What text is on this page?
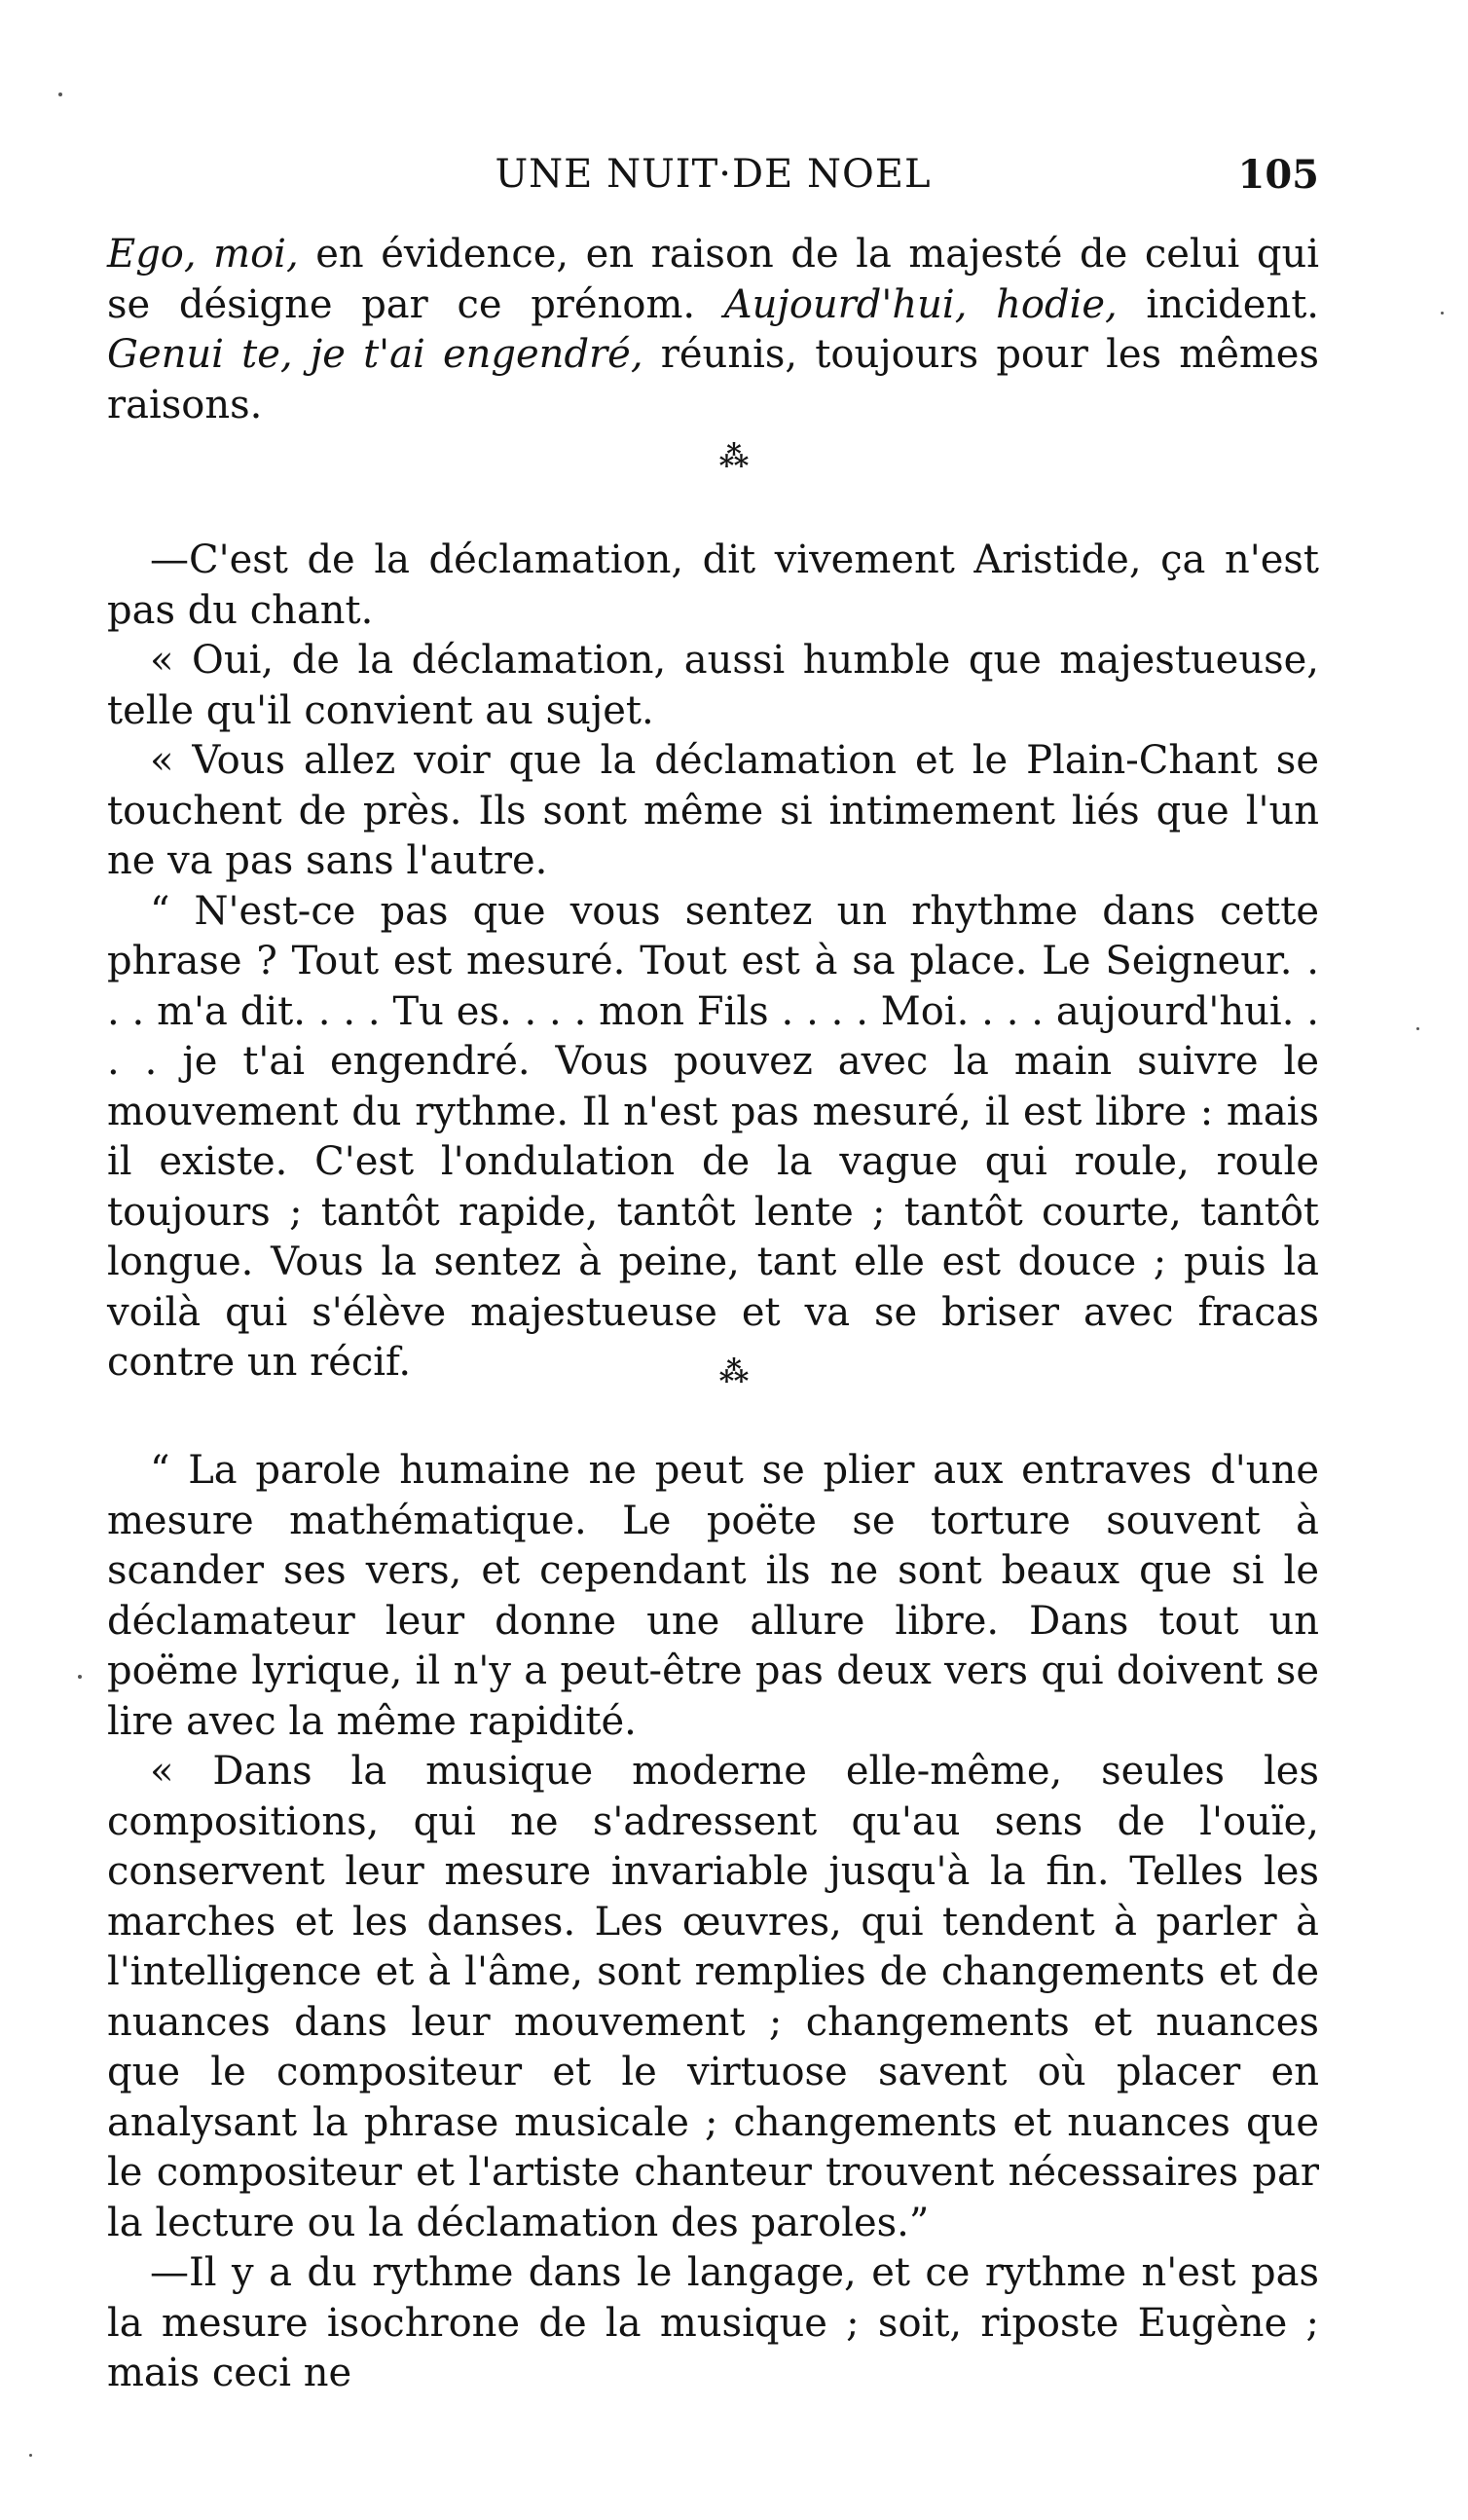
UNE NUIT·DE NOEL	105

Ego, moi, en évidence, en raison de la majesté de celui qui se désigne par ce prénom. Aujourd'hui, hodie, incident. Genui te, je t'ai engendré, réunis, toujours pour les mêmes raisons.

⁂

—C'est de la déclamation, dit vivement Aristide, ça n'est pas du chant.

« Oui, de la déclamation, aussi humble que majestueuse, telle qu'il convient au sujet.

« Vous allez voir que la déclamation et le Plain-Chant se touchent de près. Ils sont même si intimement liés que l'un ne va pas sans l'autre.

“ N'est-ce pas que vous sentez un rhythme dans cette phrase ? Tout est mesuré. Tout est à sa place. Le Seigneur. . . . m'a dit. . . . Tu es. . . . mon Fils . . . . Moi. . . . aujourd'hui. . . . je t'ai engendré. Vous pouvez avec la main suivre le mouvement du rythme. Il n'est pas mesuré, il est libre : mais il existe. C'est l'ondulation de la vague qui roule, roule toujours ; tantôt rapide, tantôt lente ; tantôt courte, tantôt longue. Vous la sentez à peine, tant elle est douce ; puis la voilà qui s'élève majestueuse et va se briser avec fracas contre un récif.	⁂

“ La parole humaine ne peut se plier aux entraves d'une mesure mathématique. Le poëte se torture souvent à scander ses vers, et cependant ils ne sont beaux que si le déclamateur leur donne une allure libre. Dans tout un poëme lyrique, il n'y a peut-être pas deux vers qui doivent se lire avec la même rapidité.

« Dans la musique moderne elle-même, seules les compositions, qui ne s'adressent qu'au sens de l'ouïe, conservent leur mesure invariable jusqu'à la fin. Telles les marches et les danses. Les œuvres, qui tendent à parler à l'intelligence et à l'âme, sont remplies de changements et de nuances dans leur mouvement ; changements et nuances que le compositeur et le virtuose savent où placer en analysant la phrase musicale ; changements et nuances que le compositeur et l'artiste chanteur trouvent nécessaires par la lecture ou la déclamation des paroles.”

—Il y a du rythme dans le langage, et ce rythme n'est pas la mesure isochrone de la musique ; soit, riposte Eugène ; mais ceci ne
